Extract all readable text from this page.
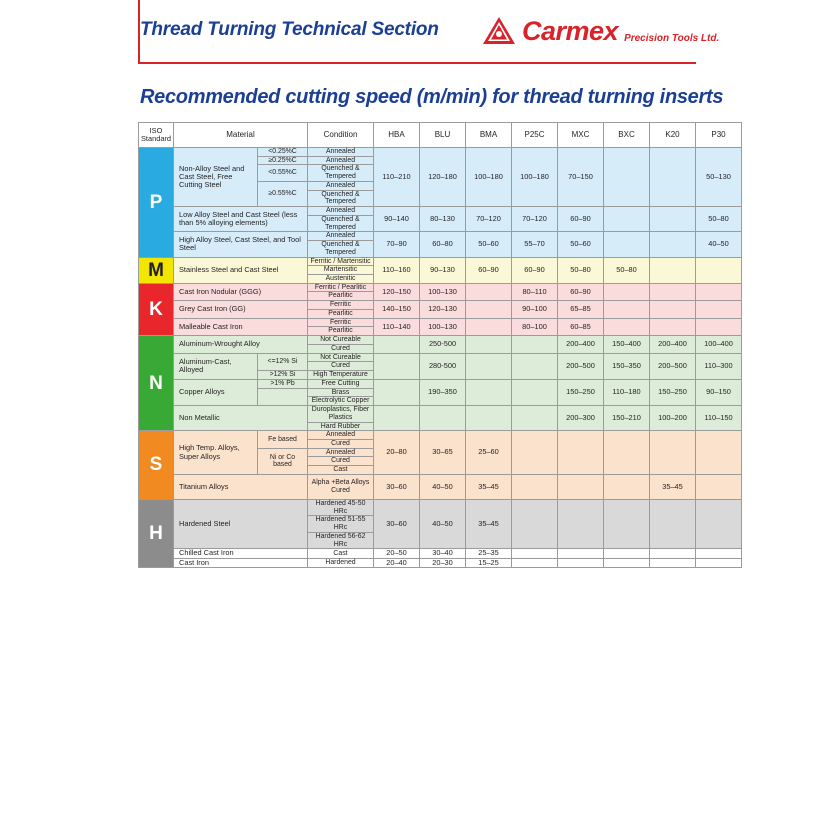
Thread Turning Technical Section	Carmex Precision Tools Ltd.
Recommended cutting speed (m/min) for thread turning inserts
ISO
Standard	Material		Condition	HBA	BLU	BMA	P25C	MXC	BXC	K20	P30
P	Non-Alloy Steel and Cast Steel, Free Cutting Steel	<0.25%C	Annealed	110–210	120–180	100–180	100–180	70–150			50–130
		≥0.25%C	Annealed								
		<0.55%C	Quenched & Tempered								
		≥0.55%C	Annealed								
			Quenched & Tempered								
	Low Alloy Steel and Cast Steel (less than 5% alloying elements)		Annealed	90–140	80–130	70–120	70–120	60–90			50–80
			Quenched & Tempered								
	High Alloy Steel, Cast Steel, and Tool Steel		Annealed	70–90	60–80	50–60	55–70	50–60			40–50
			Quenched & Tempered								
M	Stainless Steel and Cast Steel		Ferritic / Martensitic	110–160	90–130	60–90	60–90	50–80	50–80		
			Martensitic								
			Austenitic								
K	Cast Iron Nodular (GGG)		Ferritic / Pearlitic	120–150	100–130		80–110	60–90			
			Pearlitic								
	Grey Cast Iron (GG)		Ferritic	140–150	120–130		90–100	65–85			
			Pearlitic								
	Malleable Cast Iron		Ferritic	110–140	100–130		80–100	60–85			
			Pearlitic								
N	Aluminum-Wrought Alloy		Not Cureable		250-500			200–400	150–400	200–400	100–400
			Cured								
	Aluminum-Cast, Alloyed	<=12% Si	Not Cureable		280-500			200–500	150–350	200–500	110–300
			Cured								
		>12% Si	High Temperature								
	Copper Alloys	>1% Pb	Free Cutting		190–350			150–250	110–180	150–250	90–150
			Brass								
			Electrolytic Copper								
	Non Metallic		Duroplastics, Fiber Plastics					200–300	150–210	100–200	110–150
			Hard Rubber								
S	High Temp. Alloys, Super Alloys	Fe based	Annealed	20–80	30–65	25–60					
			Cured								
		Ni or Co based	Annealed								
			Cured								
			Cast								
	Titanium Alloys		Alpha +Beta Alloys Cured	30–60	40–50	35–45				35–45	
H	Hardened Steel		Hardened 45-50 HRc	30–60	40–50	35–45					
			Hardened 51-55 HRc								
			Hardened 56-62 HRc								
	Chilled Cast Iron		Cast	20–50	30–40	25–35					
	Cast Iron		Hardened	20–40	20–30	15–25					
